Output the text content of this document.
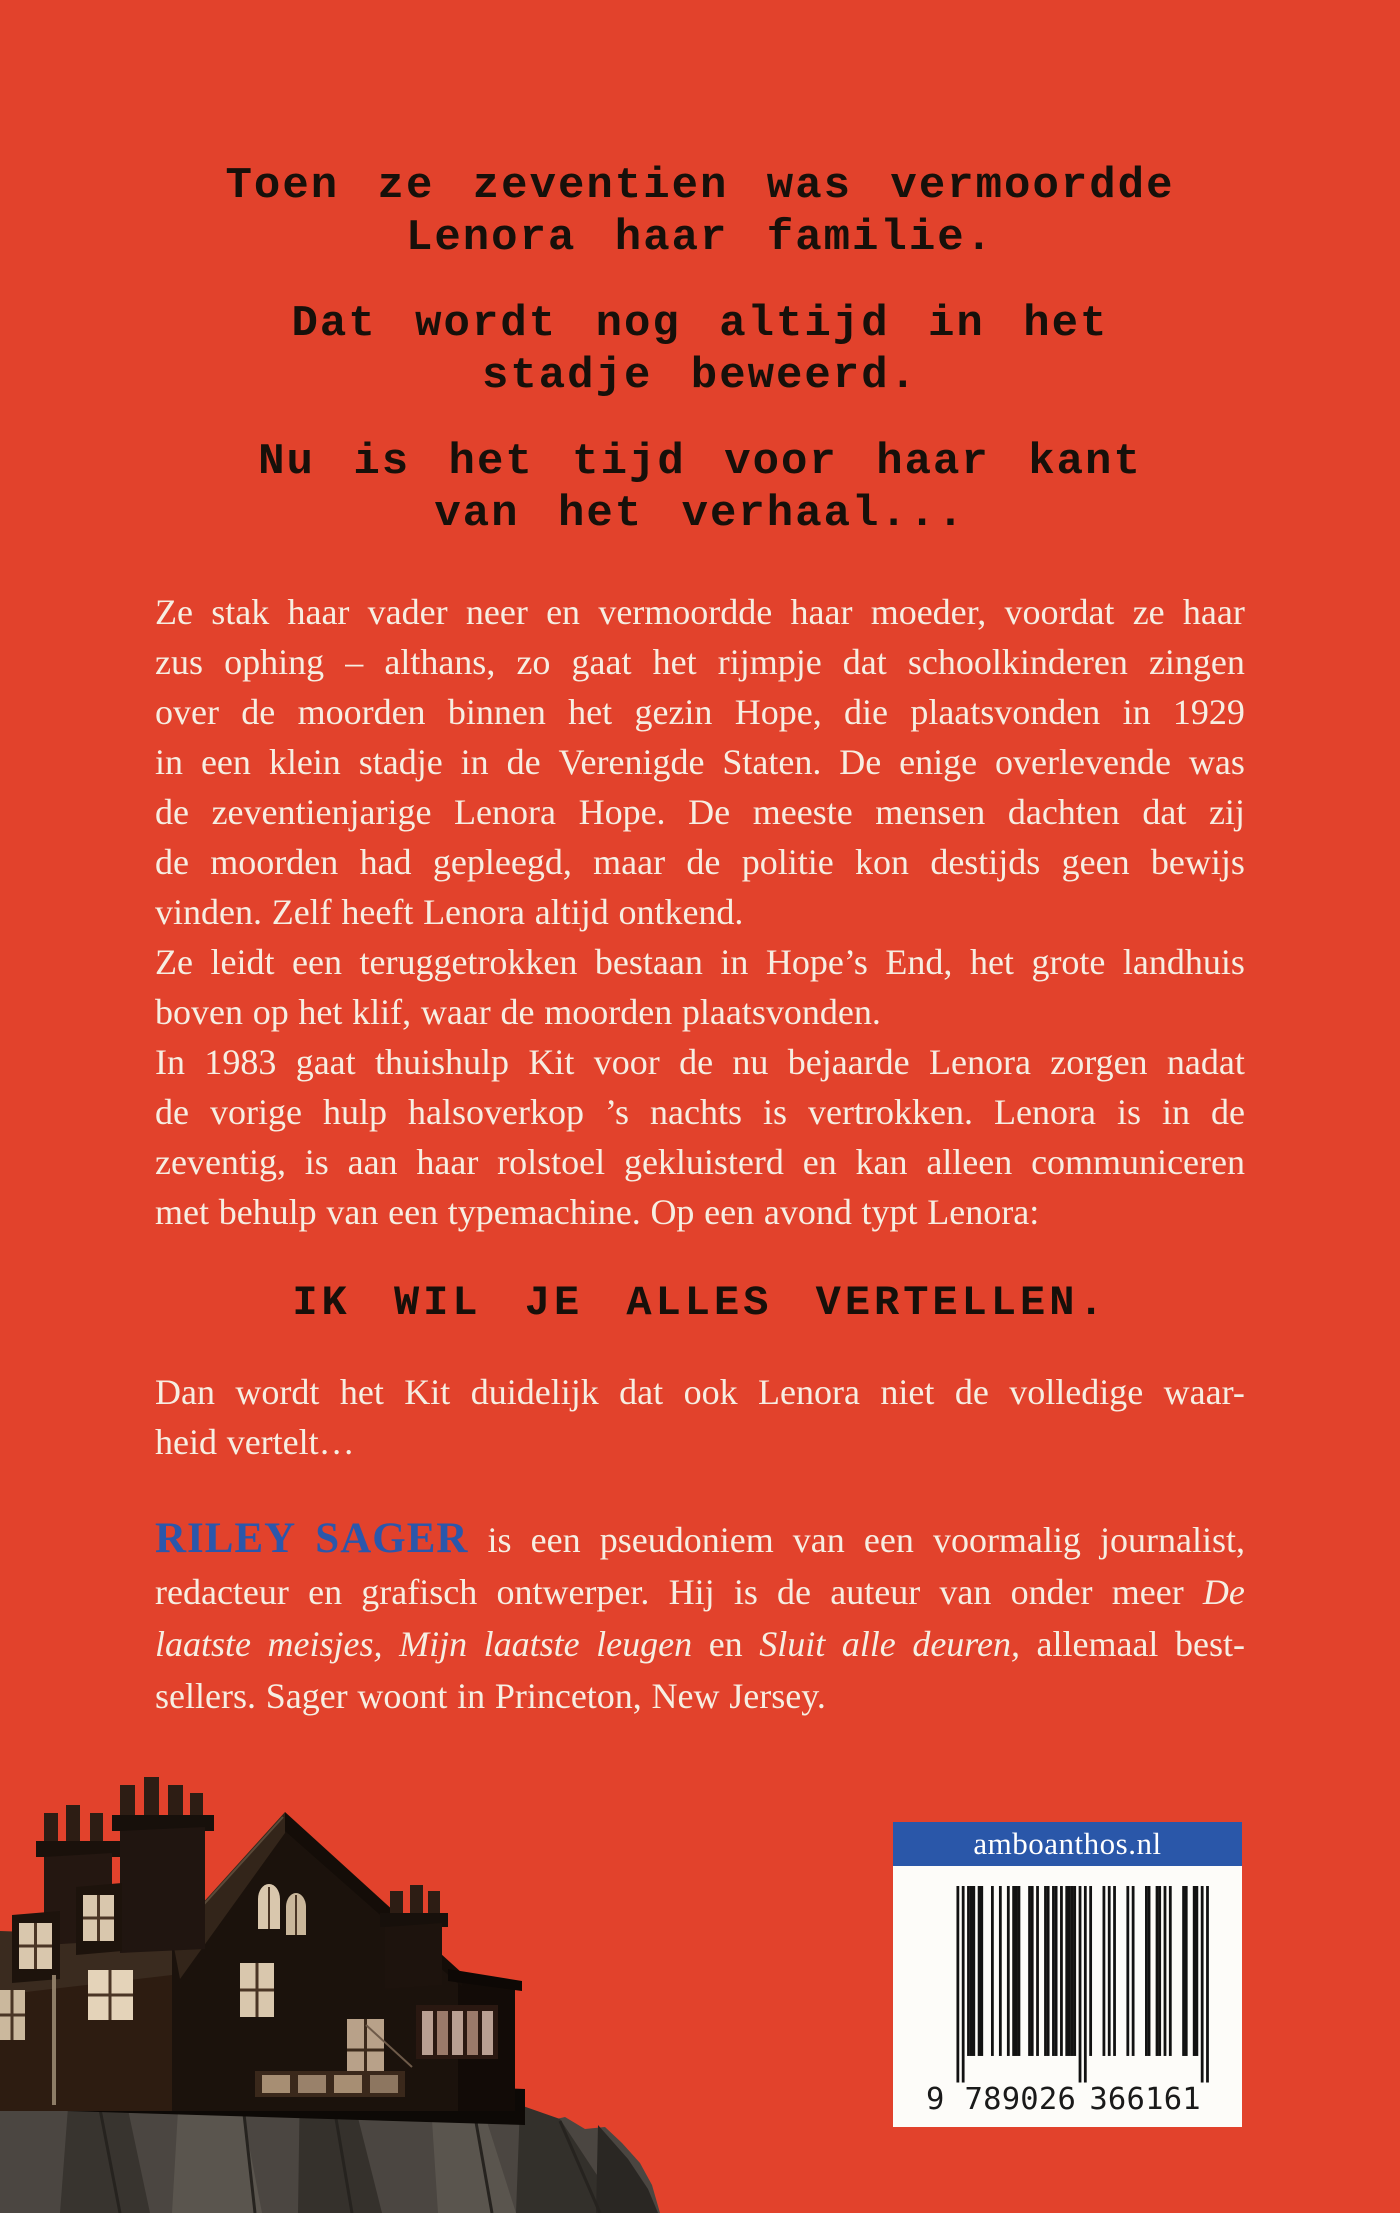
Toen ze zeventien was vermoordde
Lenora haar familie.
Dat wordt nog altijd in het
stadje beweerd.
Nu is het tijd voor haar kant
van het verhaal...
Ze stak haar vader neer en vermoordde haar moeder, voordat ze haar
zus ophing – althans, zo gaat het rijmpje dat schoolkinderen zingen
over de moorden binnen het gezin Hope, die plaatsvonden in 1929
in een klein stadje in de Verenigde Staten. De enige overlevende was
de zeventienjarige Lenora Hope. De meeste mensen dachten dat zij
de moorden had gepleegd, maar de politie kon destijds geen bewijs
vinden. Zelf heeft Lenora altijd ontkend.
Ze leidt een teruggetrokken bestaan in Hope’s End, het grote landhuis
boven op het klif, waar de moorden plaatsvonden.
In 1983 gaat thuishulp Kit voor de nu bejaarde Lenora zorgen nadat
de vorige hulp halsoverkop ’s nachts is vertrokken. Lenora is in de
zeventig, is aan haar rolstoel gekluisterd en kan alleen communiceren
met behulp van een typemachine. Op een avond typt Lenora:
IK WIL JE ALLES VERTELLEN.
Dan wordt het Kit duidelijk dat ook Lenora niet de volledige waar-
heid vertelt…
RILEY SAGER is een pseudoniem van een voormalig journalist,
redacteur en grafisch ontwerper. Hij is de auteur van onder meer De
laatste meisjes, Mijn laatste leugen en Sluit alle deuren, allemaal best-
sellers. Sager woont in Princeton, New Jersey.
amboanthos.nl
9 7 8 9 0 2 6 3 6 6 1 6 1
